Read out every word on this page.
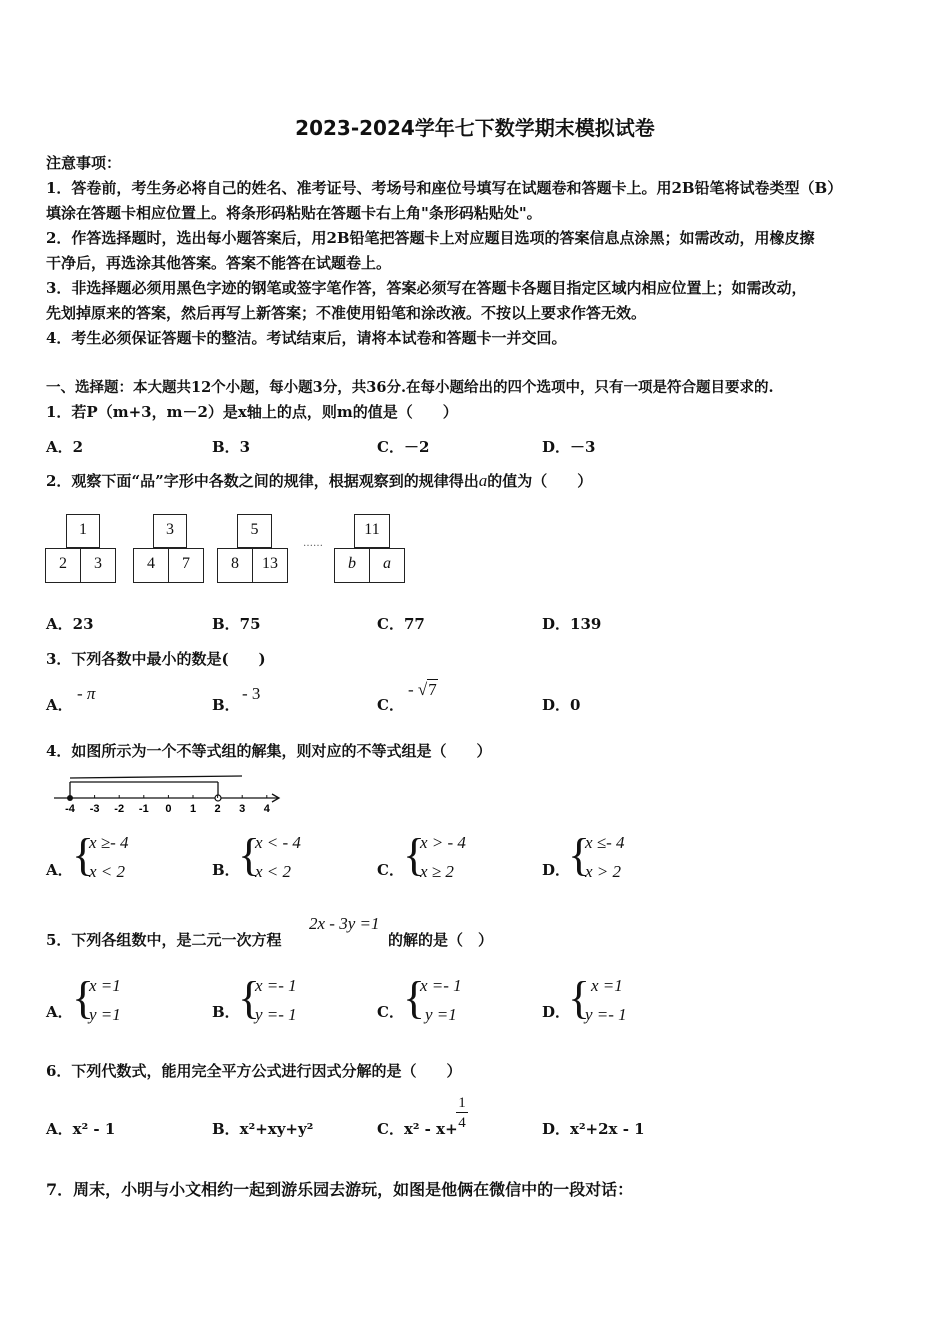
2023-2024学年七下数学期末模拟试卷
注意事项：
1．答卷前，考生务必将自己的姓名、准考证号、考场号和座位号填写在试题卷和答题卡上。用2B铅笔将试卷类型（B）
填涂在答题卡相应位置上。将条形码粘贴在答题卡右上角"条形码粘贴处"。
2．作答选择题时，选出每小题答案后，用2B铅笔把答题卡上对应题目选项的答案信息点涂黑；如需改动，用橡皮擦
干净后，再选涂其他答案。答案不能答在试题卷上。
3．非选择题必须用黑色字迹的钢笔或签字笔作答，答案必须写在答题卡各题目指定区域内相应位置上；如需改动，
先划掉原来的答案，然后再写上新答案；不准使用铅笔和涂改液。不按以上要求作答无效。
4．考生必须保证答题卡的整洁。考试结束后，请将本试卷和答题卡一并交回。
一、选择题：本大题共12个小题，每小题3分，共36分.在每小题给出的四个选项中，只有一项是符合题目要求的.
1．若P（m+3，m－2）是x轴上的点，则m的值是（　　）
A．2	B．3	C．－2	D．－3
2．观察下面“品”字形中各数之间的规律，根据观察到的规律得出a的值为（　　）
1
2	3
3
4	7
5
8	13
……
11
b	a
A．23	B．75	C．77	D．139
3．下列各数中最小的数是(　　)
A．
- π
B．
- 3
C．
- √7
D．0
4．如图所示为一个不等式组的解集，则对应的不等式组是（　　）
-4 -3 -2 -1 0 1 2 3 4
A． {
x ≥- 4
x < 2	B．
{
x < - 4
x < 2	C． {
x > - 4
x ≥ 2	D．
{
x ≤- 4
x > 2
5．下列各组数中，是二元一次方程
2x - 3y =1
的解的是（　）
A． {
x =1
y =1	B．
{
x =- 1
y =- 1	C． {
x =- 1
y =1	D．
{ x =1
y =- 1
6．下列代数式，能用完全平方公式进行因式分解的是（　　）
A．x² - 1	B．x²+xy+y²	C．x² - x+
$\frac{1}{4}$	D．x²+2x - 1
7．周末，小明与小文相约一起到游乐园去游玩，如图是他俩在微信中的一段对话：
